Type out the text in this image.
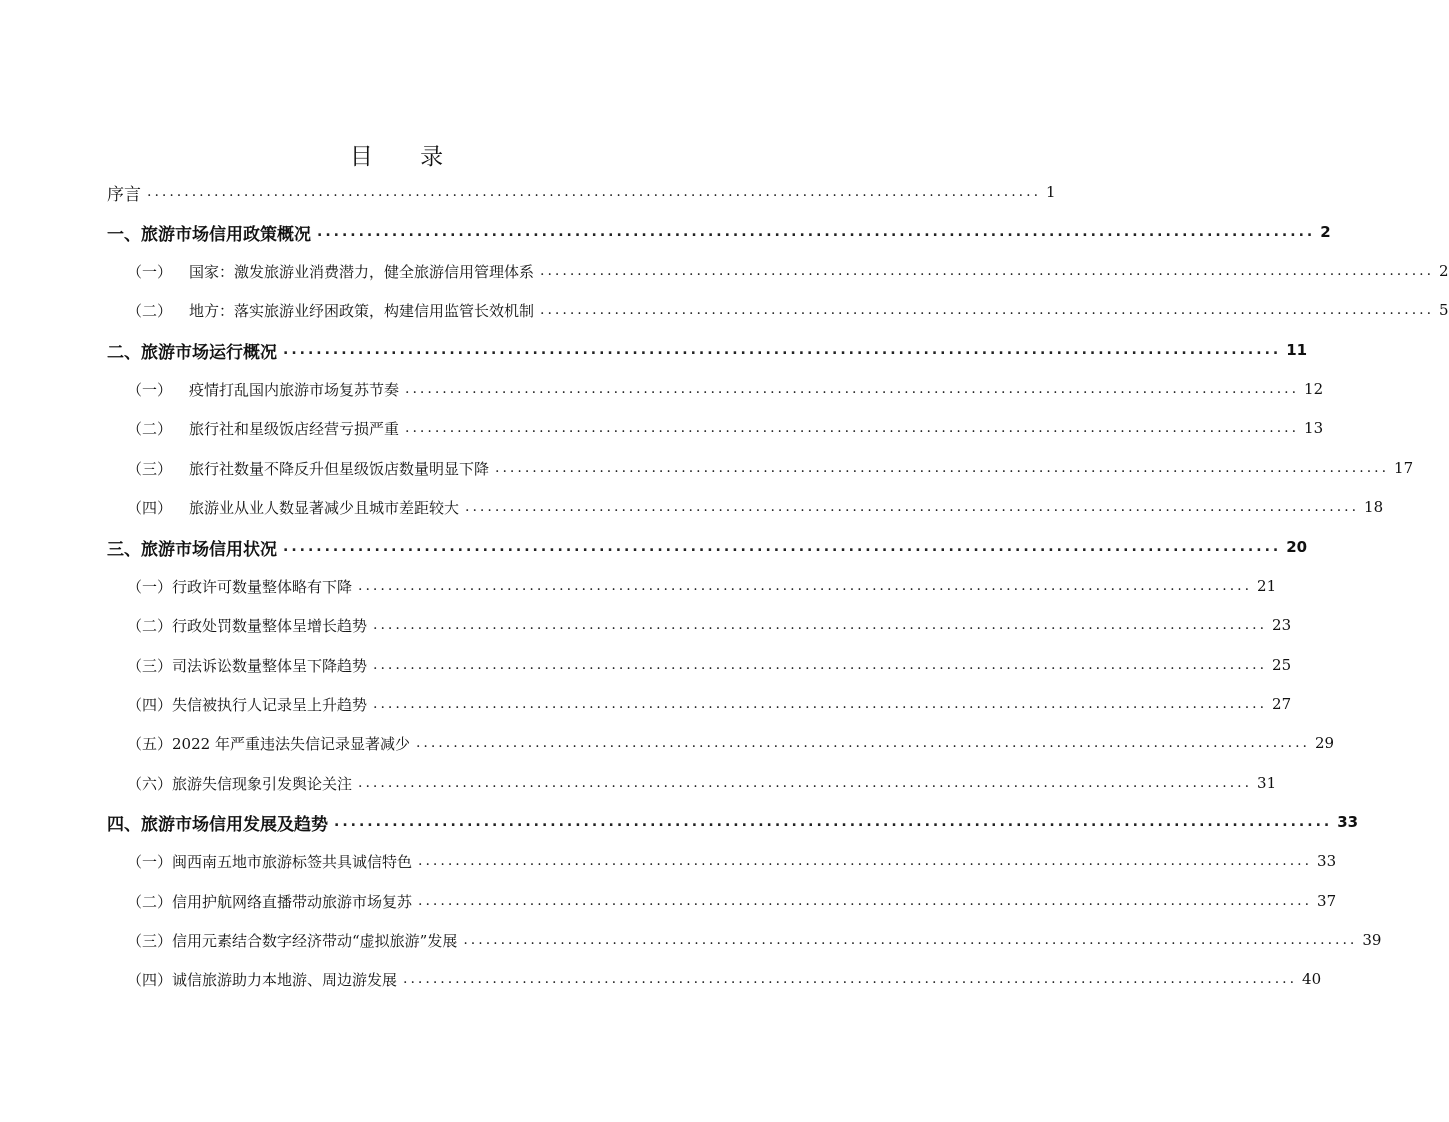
目 录
序言 ........................................................................................................................ 1
一、旅游市场信用政策概况 ........................................................................................................................ 2
（一） 国家：激发旅游业消费潜力，健全旅游信用管理体系 ........................................................................................................................ 2
（二） 地方：落实旅游业纾困政策，构建信用监管长效机制 ........................................................................................................................ 5
二、旅游市场运行概况 ........................................................................................................................ 11
（一） 疫情打乱国内旅游市场复苏节奏 ........................................................................................................................ 12
（二） 旅行社和星级饭店经营亏损严重 ........................................................................................................................ 13
（三） 旅行社数量不降反升但星级饭店数量明显下降 ........................................................................................................................ 17
（四） 旅游业从业人数显著减少且城市差距较大 ........................................................................................................................ 18
三、旅游市场信用状况 ........................................................................................................................ 20
（一）行政许可数量整体略有下降 ........................................................................................................................ 21
（二）行政处罚数量整体呈增长趋势 ........................................................................................................................ 23
（三）司法诉讼数量整体呈下降趋势 ........................................................................................................................ 25
（四）失信被执行人记录呈上升趋势 ........................................................................................................................ 27
（五）2022 年严重违法失信记录显著减少 ........................................................................................................................ 29
（六）旅游失信现象引发舆论关注 ........................................................................................................................ 31
四、旅游市场信用发展及趋势 ........................................................................................................................ 33
（一）闽西南五地市旅游标签共具诚信特色 ........................................................................................................................ 33
（二）信用护航网络直播带动旅游市场复苏 ........................................................................................................................ 37
（三）信用元素结合数字经济带动“虚拟旅游”发展 ........................................................................................................................ 39
（四）诚信旅游助力本地游、周边游发展 ........................................................................................................................ 40
